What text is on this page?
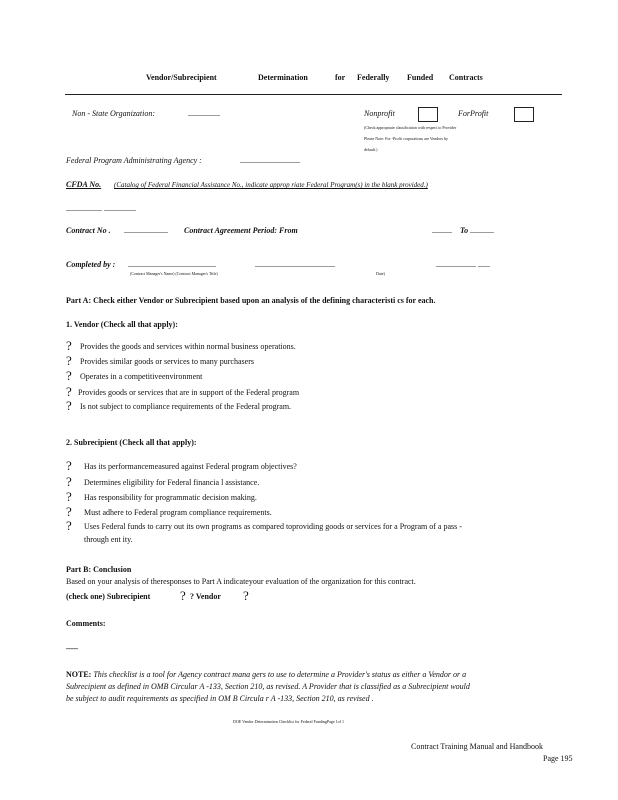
Vendor/Subrecipient	Determination	for Federally Funded Contracts
Non - State Organization:	________	Nonprofit	ForProfit
(Check appropriate classification with respect to Provider
Please Note: For -Profit corporations are Vendors by
default.)
Federal Program Administrating Agency :	_______________
CFDA No. (Catalog of Federal Financial Assistance No., indicate approp riate Federal Program(s) in the blank provided.)
_________ ________
Contract No . ___________ Contract Agreement Period: From	_____ To ______
Completed by : ______________________	____________________	__________ ___
(Contract Manager's Name) (Contract Manager's Title)	Date)
Part A: Check either Vendor or Subrecipient based upon an analysis of the defining characteristi cs for each.
1. Vendor (Check all that apply):
? Provides the goods and services within normal business operations.
? Provides similar goods or services to many purchasers
? Operates in a competitiveenvironment
? Provides goods or services that are in support of the Federal program
? Is not subject to compliance requirements of the Federal program.
2. Subrecipient (Check all that apply):
? Has its performancemeasured against Federal program objectives?
? Determines eligibility for Federal financia l assistance.
? Has responsibility for programmatic decision making.
? Must adhere to Federal program compliance requirements.
? Uses Federal funds to carry out its own programs as compared toproviding goods or services for a Program of a pass -
through ent ity.
Part B: Conclusion
Based on your analysis of theresponses to Part A indicateyour evaluation of the organization for this contract.
(check one) Subrecipient ? ? Vendor ?
Comments:
___
NOTE: This checklist is a tool for Agency contract mana gers to use to determine a Provider's status as either a Vendor or a
Subrecipient as defined in OMB Circular A -133, Section 210, as revised. A Provider that is classified as a Subrecipient would
be subject to audit requirements as specified in OM B Circula r A -133, Section 210, as revised .
DOE Vendor Determination Checklist for Federal FundingPage 1of 1
Contract Training Manual and Handbook
Page 195
